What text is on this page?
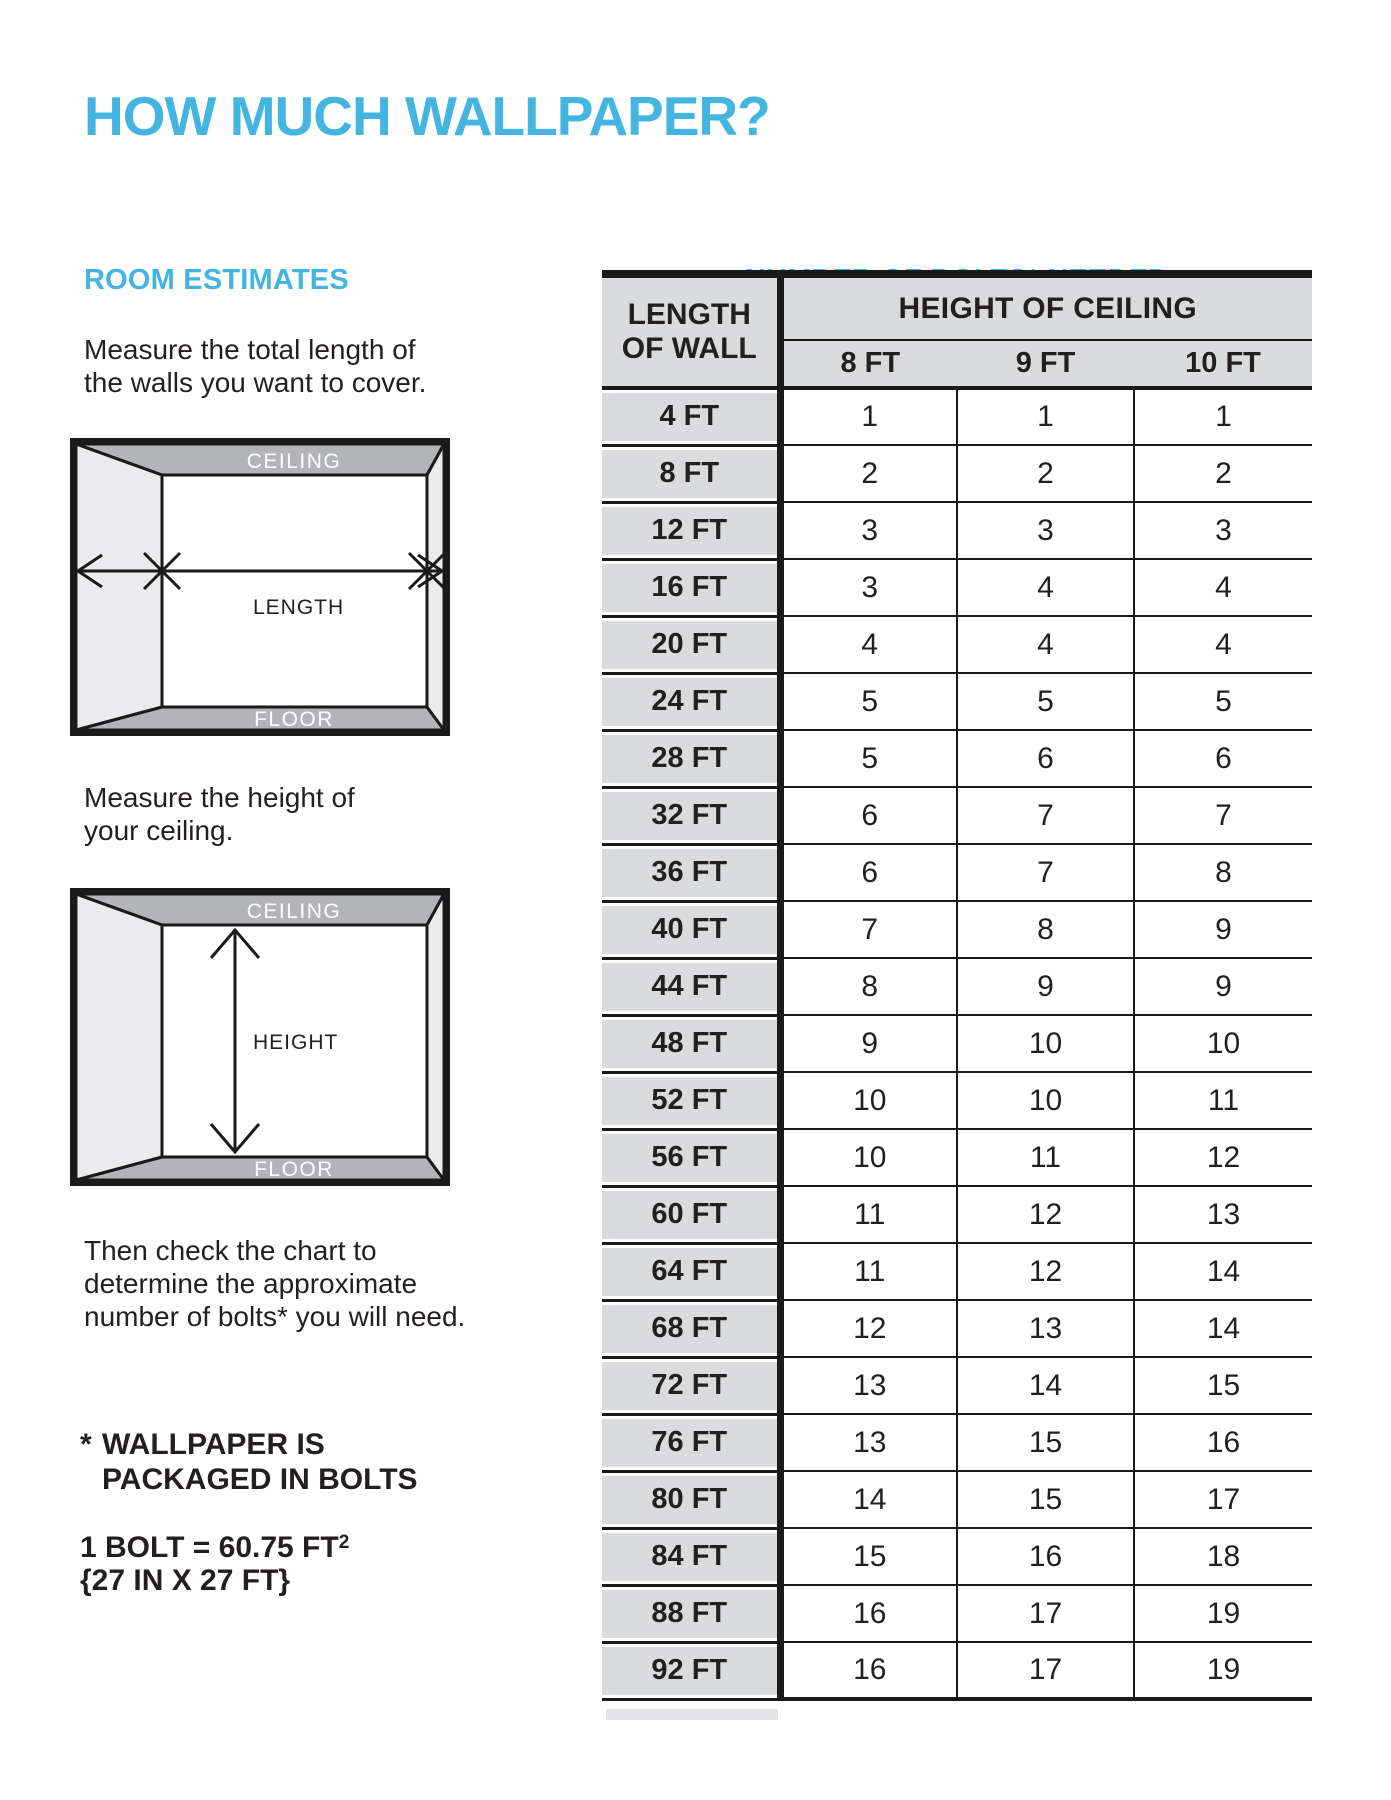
HOW MUCH WALLPAPER?
ROOM ESTIMATES
Measure the total length of
the walls you want to cover.
CEILING
FLOOR
LENGTH
Measure the height of
your ceiling.
CEILING
FLOOR
HEIGHT
Then check the chart to
determine the approximate
number of bolts* you will need.
* WALLPAPER IS
PACKAGED IN BOLTS
1 BOLT = 60.75 $FT^2$
{27 IN X 27 FT}
LENGTH
OF WALL	HEIGHT OF CEILING		
	8 FT	9 FT	10 FT
4 FT	1	1	1
8 FT	2	2	2
12 FT	3	3	3
16 FT	3	4	4
20 FT	4	4	4
24 FT	5	5	5
28 FT	5	6	6
32 FT	6	7	7
36 FT	6	7	8
40 FT	7	8	9
44 FT	8	9	9
48 FT	9	10	10
52 FT	10	10	11
56 FT	10	11	12
60 FT	11	12	13
64 FT	11	12	14
68 FT	12	13	14
72 FT	13	14	15
76 FT	13	15	16
80 FT	14	15	17
84 FT	15	16	18
88 FT	16	17	19
92 FT	16	17	19
